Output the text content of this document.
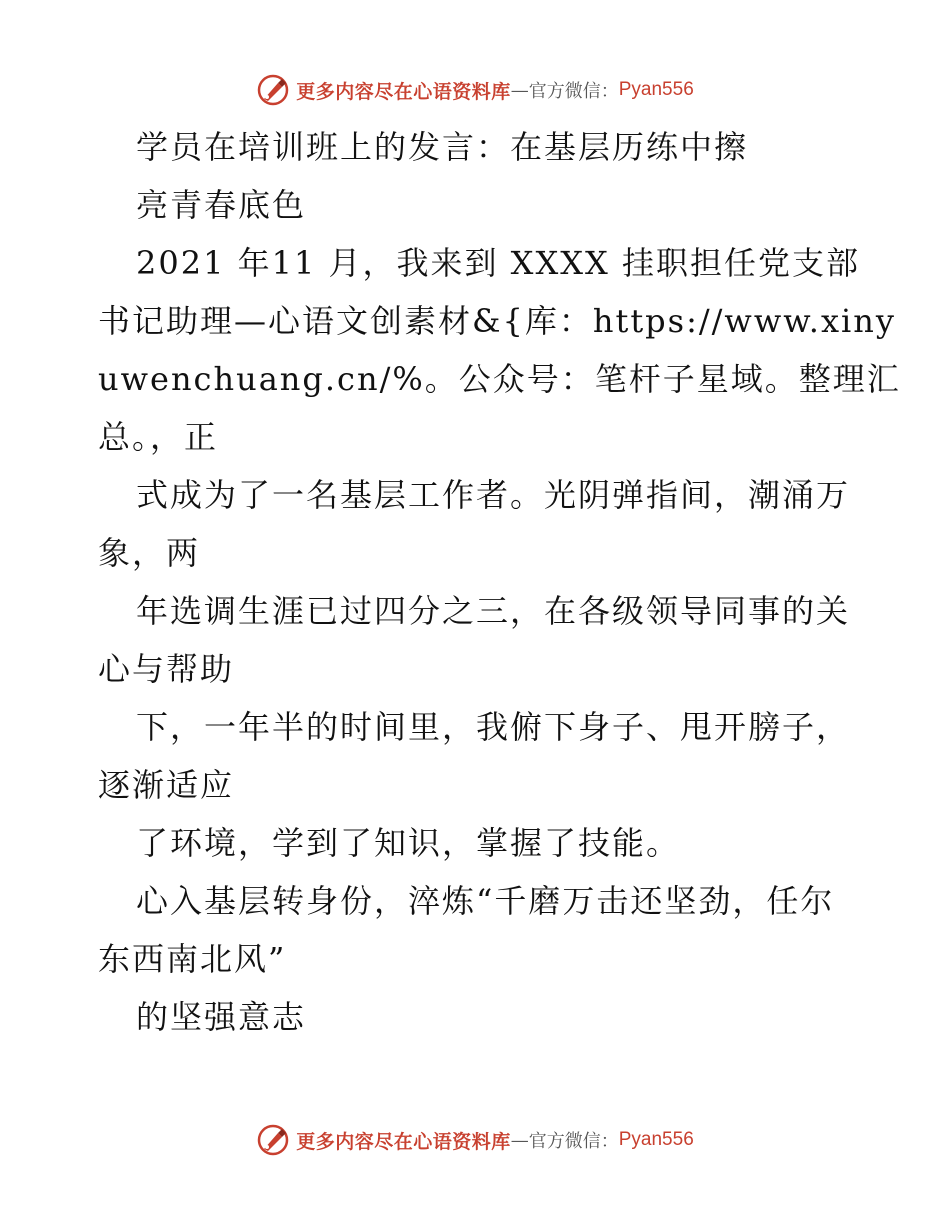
更多内容尽在心语资料库 — 官方微信： Pyan556
学员在培训班上的发言：在基层历练中擦
亮青春底色
2021 年11 月，我来到 XXXX 挂职担任党支部
书记助理—心语文创素材&{库：https://www.xiny
uwenchuang.cn/%。公众号：笔杆子星域。整理汇
总。，正
式成为了一名基层工作者。光阴弹指间，潮涌万
象，两
年选调生涯已过四分之三，在各级领导同事的关
心与帮助
下，一年半的时间里，我俯下身子、甩开膀子，
逐渐适应
了环境，学到了知识，掌握了技能。
心入基层转身份，淬炼“千磨万击还坚劲，任尔
东西南北风”
的坚强意志
更多内容尽在心语资料库 — 官方微信： Pyan556
